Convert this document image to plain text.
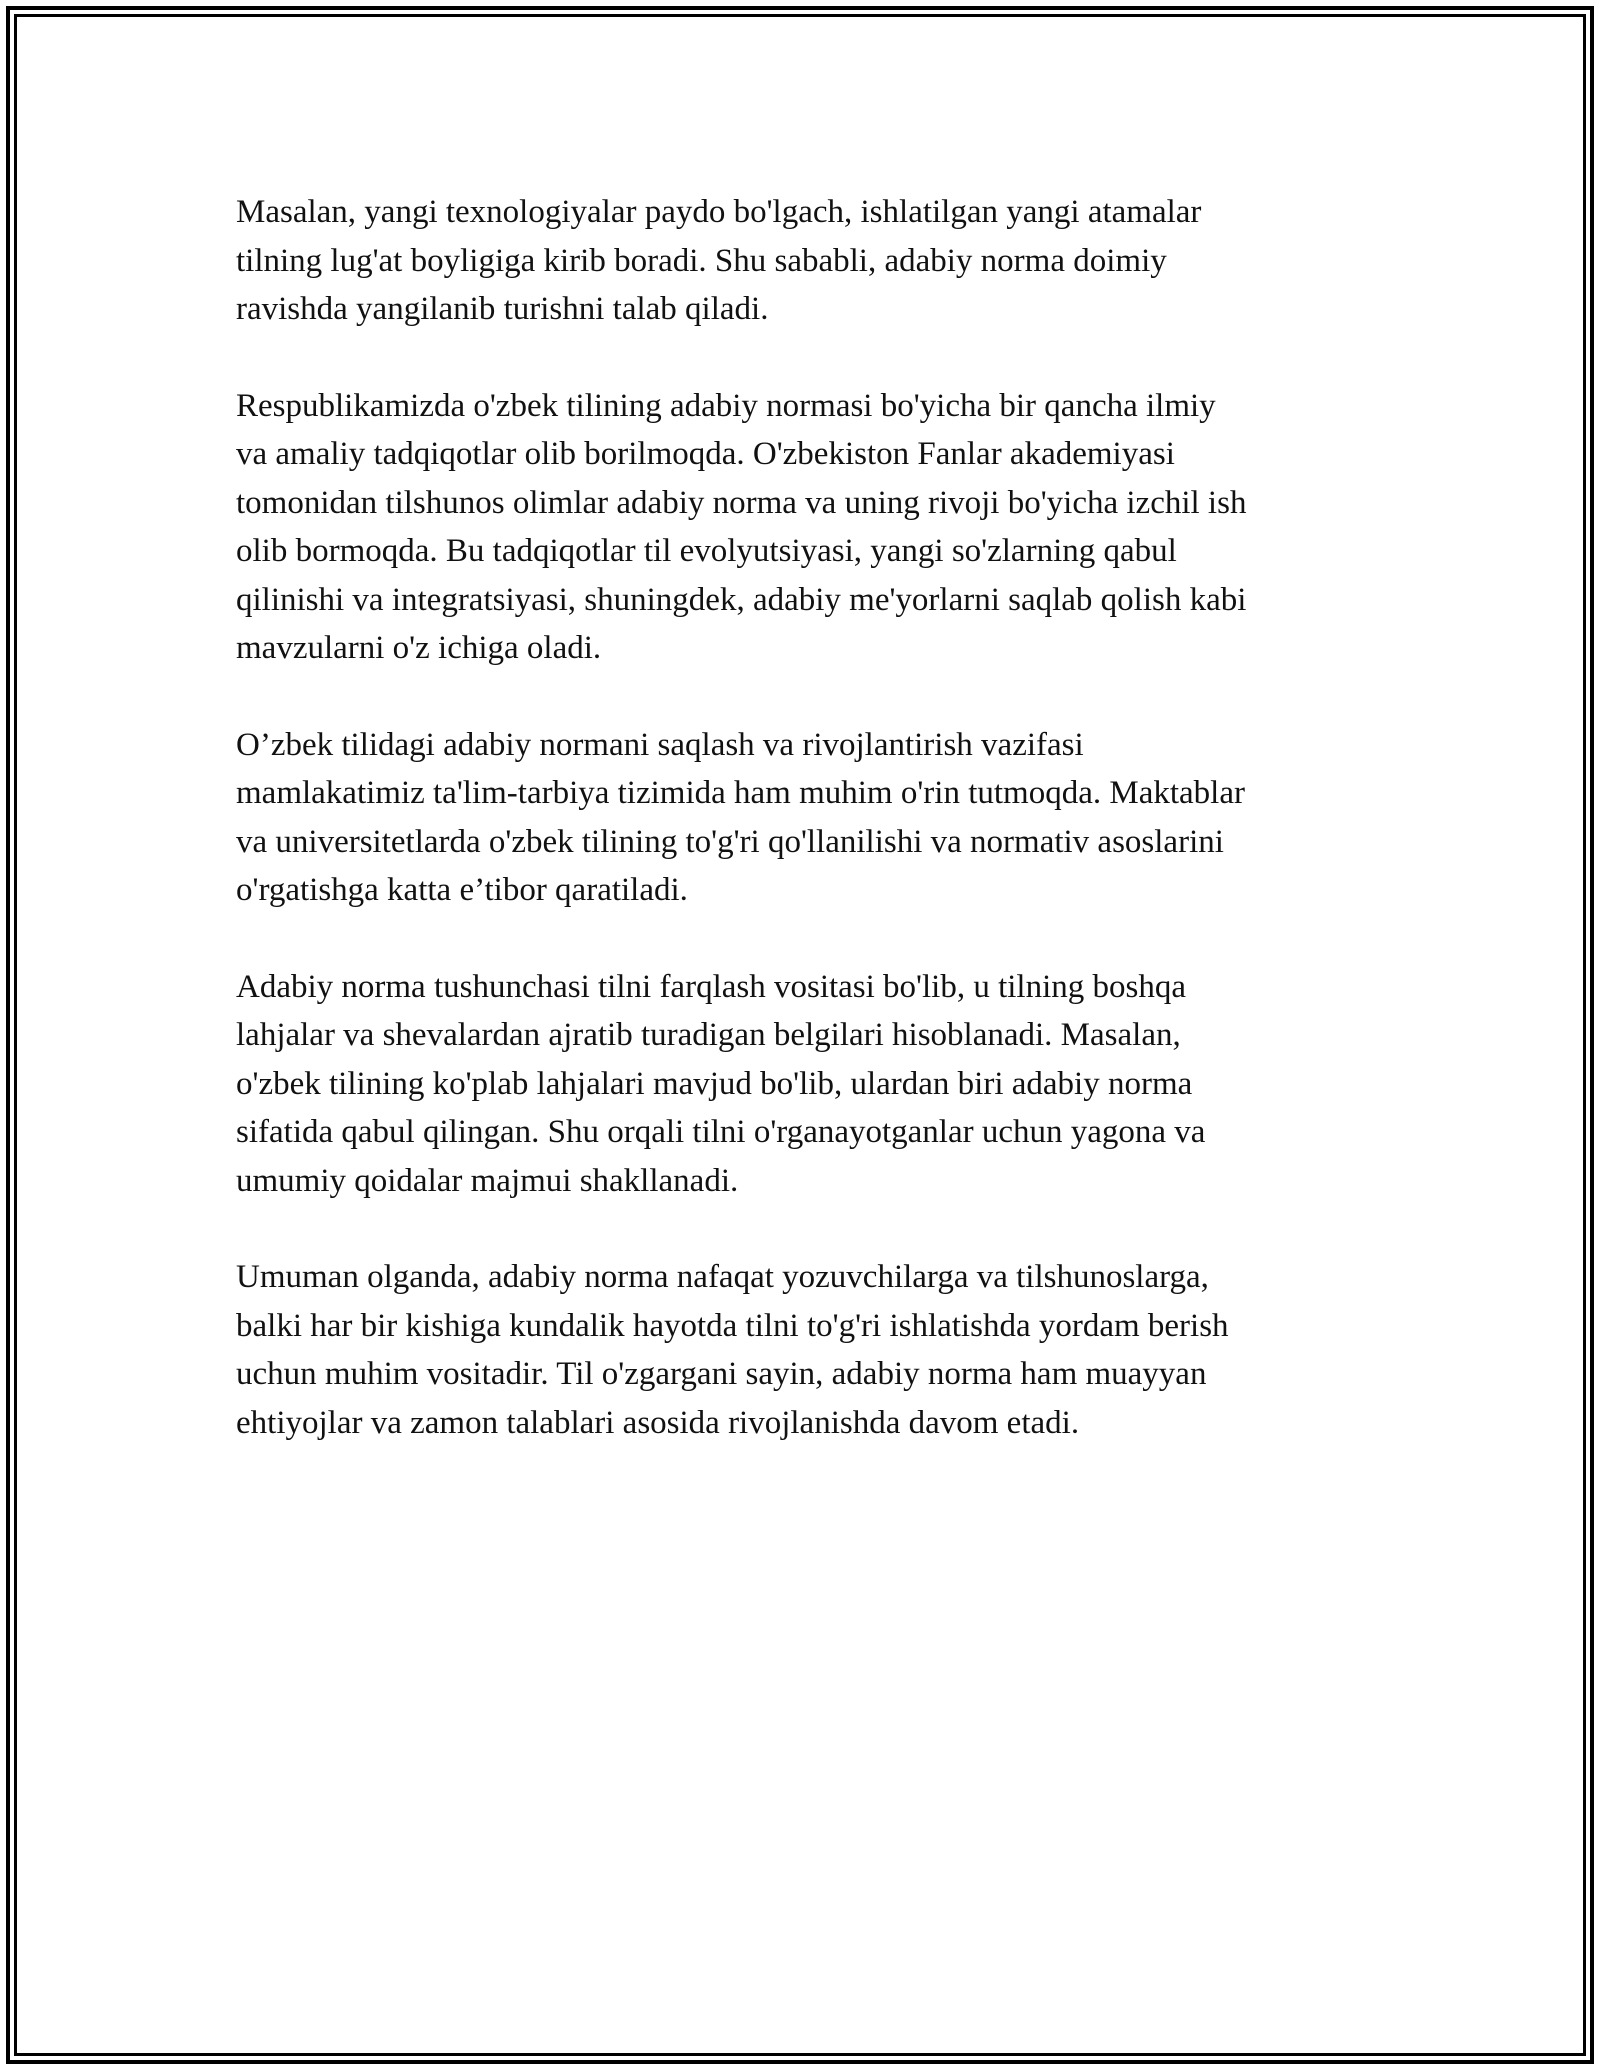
Masalan, yangi texnologiyalar paydo bo'lgach, ishlatilgan yangi atamalar
tilning lug'at boyligiga kirib boradi. Shu sababli, adabiy norma doimiy
ravishda yangilanib turishni talab qiladi.

Respublikamizda o'zbek tilining adabiy normasi bo'yicha bir qancha ilmiy
va amaliy tadqiqotlar olib borilmoqda. O'zbekiston Fanlar akademiyasi
tomonidan tilshunos olimlar adabiy norma va uning rivoji bo'yicha izchil ish
olib bormoqda. Bu tadqiqotlar til evolyutsiyasi, yangi so'zlarning qabul
qilinishi va integratsiyasi, shuningdek, adabiy me'yorlarni saqlab qolish kabi
mavzularni o'z ichiga oladi.

O’zbek tilidagi adabiy normani saqlash va rivojlantirish vazifasi
mamlakatimiz ta'lim-tarbiya tizimida ham muhim o'rin tutmoqda. Maktablar
va universitetlarda o'zbek tilining to'g'ri qo'llanilishi va normativ asoslarini
o'rgatishga katta e’tibor qaratiladi.

Adabiy norma tushunchasi tilni farqlash vositasi bo'lib, u tilning boshqa
lahjalar va shevalardan ajratib turadigan belgilari hisoblanadi. Masalan,
o'zbek tilining ko'plab lahjalari mavjud bo'lib, ulardan biri adabiy norma
sifatida qabul qilingan. Shu orqali tilni o'rganayotganlar uchun yagona va
umumiy qoidalar majmui shakllanadi.

Umuman olganda, adabiy norma nafaqat yozuvchilarga va tilshunoslarga,
balki har bir kishiga kundalik hayotda tilni to'g'ri ishlatishda yordam berish
uchun muhim vositadir. Til o'zgargani sayin, adabiy norma ham muayyan
ehtiyojlar va zamon talablari asosida rivojlanishda davom etadi.
